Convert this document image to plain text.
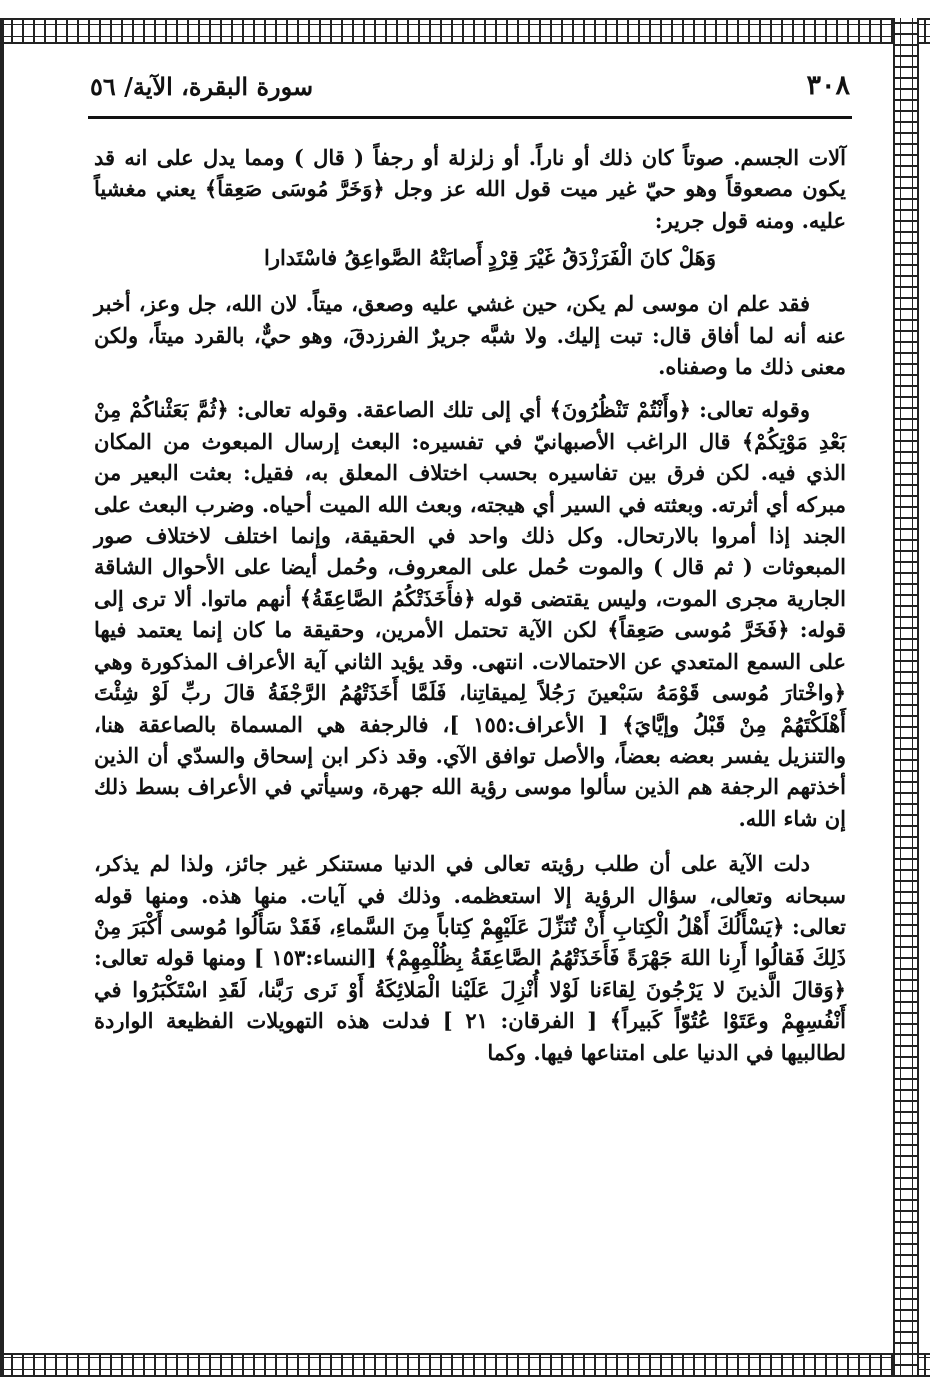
٣٠٨
سورة البقرة، الآية/ ٥٦

آلات الجسم. صوتاً كان ذلك أو ناراً. أو زلزلة أو رجفاً ( قال ) ومما يدل على انه قد يكون مصعوقاً وهو حيّ غير ميت قول الله عز وجل ﴿وَخَرَّ مُوسَى صَعِقاً﴾ يعني مغشياً عليه. ومنه قول جرير:

وَهَلْ كانَ الْفَرَزْدَقُ غَيْرَ قِرْدٍ
أَصابَتْهُ الصَّواعِقُ فاسْتَدارا

فقد علم ان موسى لم يكن، حين غشي عليه وصعق، ميتاً. لان الله، جل وعز، أخبر عنه أنه لما أفاق قال: تبت إليك. ولا شبَّه جريرٌ الفرزدقَ، وهو حيٌّ، بالقرد ميتاً، ولكن معنى ذلك ما وصفناه.

وقوله تعالى: ﴿وأَنْتُمْ تَنْظُرُونَ﴾ أي إلى تلك الصاعقة. وقوله تعالى: ﴿ثُمَّ بَعَثْناكُمْ مِنْ بَعْدِ مَوْتِكُمْ﴾ قال الراغب الأصبهانيّ في تفسيره: البعث إرسال المبعوث من المكان الذي فيه. لكن فرق بين تفاسيره بحسب اختلاف المعلق به، فقيل: بعثت البعير من مبركه أي أثرته. وبعثته في السير أي هيجته، وبعث الله الميت أحياه. وضرب البعث على الجند إذا أمروا بالارتحال. وكل ذلك واحد في الحقيقة، وإنما اختلف لاختلاف صور المبعوثات ( ثم قال ) والموت حُمل على المعروف، وحُمل أيضا على الأحوال الشاقة الجارية مجرى الموت، وليس يقتضى قوله ﴿فأَخَذَتْكُمُ الصَّاعِقَةُ﴾ أنهم ماتوا. ألا ترى إلى قوله: ﴿فَخَرَّ مُوسى صَعِقاً﴾ لكن الآية تحتمل الأمرين، وحقيقة ما كان إنما يعتمد فيها على السمع المتعدي عن الاحتمالات. انتهى. وقد يؤيد الثاني آية الأعراف المذكورة وهي ﴿واخْتارَ مُوسى قَوْمَهُ سَبْعينَ رَجُلاً لِميقاتِنا، فَلَمَّا أَخَذَتْهُمُ الرَّجْفَةُ قالَ ربِّ لَوْ شِئْتَ أَهْلَكْتَهُمْ مِنْ قَبْلُ وإيَّايَ﴾ [ الأعراف:١٥٥ ]، فالرجفة هي المسماة بالصاعقة هنا، والتنزيل يفسر بعضه بعضاً، والأصل توافق الآي. وقد ذكر ابن إسحاق والسدّي أن الذين أخذتهم الرجفة هم الذين سألوا موسى رؤية الله جهرة، وسيأتي في الأعراف بسط ذلك إن شاء الله.

دلت الآية على أن طلب رؤيته تعالى في الدنيا مستنكر غير جائز، ولذا لم يذكر، سبحانه وتعالى، سؤال الرؤية إلا استعظمه. وذلك في آيات. منها هذه. ومنها قوله تعالى: ﴿يَسْأَلُكَ أَهْلُ الْكِتابِ أَنْ تُنَزِّلَ عَلَيْهِمْ كِتاباً مِنَ السَّماءِ، فَقَدْ سَأَلُوا مُوسى أَكْبَرَ مِنْ ذَلِكَ فَقالُوا أَرِنا اللهَ جَهْرَةً فَأَخَذَتْهُمُ الصَّاعِقَةُ بِظُلْمِهِمْ﴾ [النساء:١٥٣ ] ومنها قوله تعالى: ﴿وَقالَ الَّذينَ لا يَرْجُونَ لِقاءَنا لَوْلا أُنْزِلَ عَلَيْنا الْمَلائِكَةُ أَوْ نَرى رَبَّنا، لَقَدِ اسْتَكْبَرُوا في أَنْفُسِهِمْ وعَتَوْا عُتُوّاً كَبيراً﴾ [ الفرقان: ٢١ ] فدلت هذه التهويلات الفظيعة الواردة لطالبيها في الدنيا على امتناعها فيها. وكما
